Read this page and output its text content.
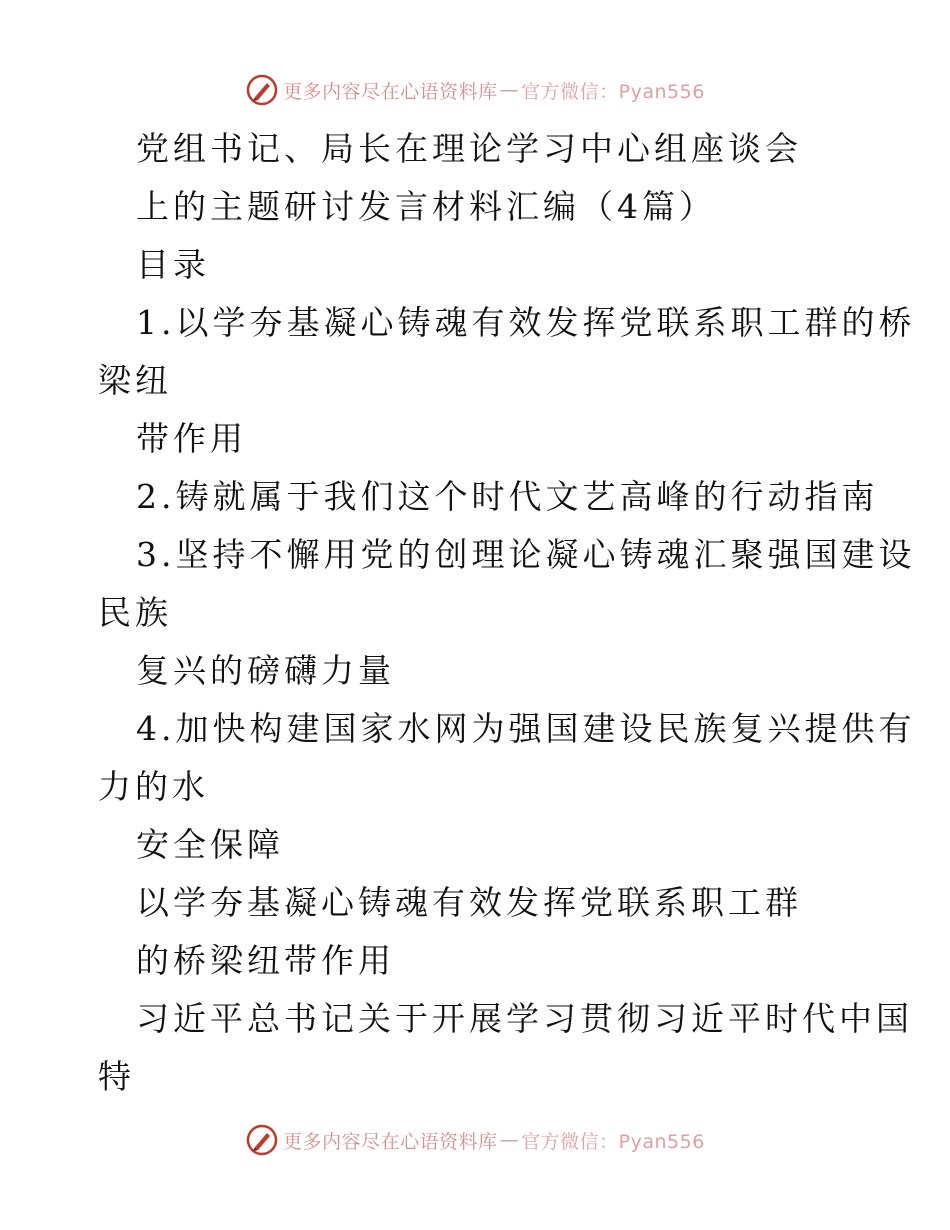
更多内容尽在心语资料库 — 官方微信：Pyan556
党组书记、局长在理论学习中心组座谈会
上的主题研讨发言材料汇编（4篇）
目录
1.以学夯基凝心铸魂有效发挥党联系职工群的桥
梁纽
带作用
2.铸就属于我们这个时代文艺高峰的行动指南
3.坚持不懈用党的创理论凝心铸魂汇聚强国建设
民族
复兴的磅礴力量
4.加快构建国家水网为强国建设民族复兴提供有
力的水
安全保障
以学夯基凝心铸魂有效发挥党联系职工群
的桥梁纽带作用
习近平总书记关于开展学习贯彻习近平时代中国
特
更多内容尽在心语资料库 — 官方微信：Pyan556
